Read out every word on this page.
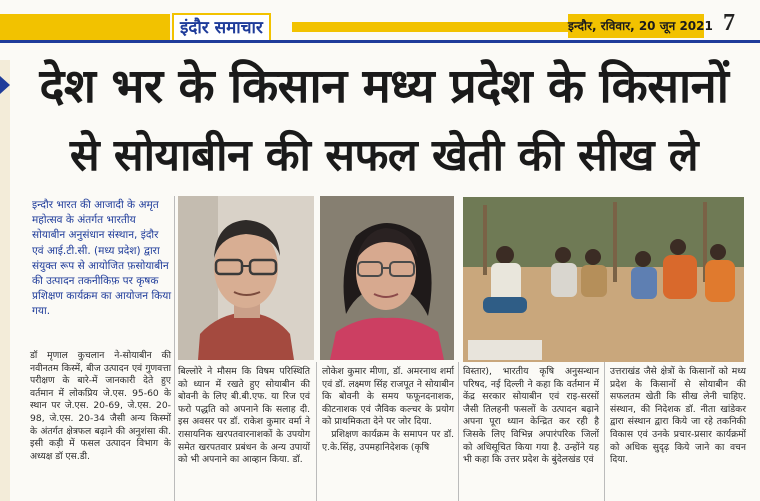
इंदौर समाचार	इन्दौर, रविवार, 20 जून 2021 7
देश भर के किसान मध्य प्रदेश के किसानों
से सोयाबीन की सफल खेती की सीख ले
इन्दौर भारत की आजादी के अमृत महोत्सव के अंतर्गत भारतीय सोयाबीन अनुसंधान संस्थान, इंदौर एवं आई.टी.सी. (मध्य प्रदेश) द्वारा संयुक्त रूप से आयोजित फ़सोयाबीन की उत्पादन तकनीकिफ़ पर कृषक प्रशिक्षण कार्यक्रम का आयोजन किया गया.
डॉ मृणाल कुचलान ने-सोयाबीन की नवीनतम किस्में, बीज उत्पादन एवं गुणवत्ता परीक्षण के बारे-में जानकारी देते हुए वर्तमान में लोकप्रिय जे.एस. 95-60 के स्थान पर जे.एस. 20-69, जे.एस. 20-98, जे.एस. 20-34 जैसी अन्य किस्मों के अंतर्गत क्षेत्रफल बढ़ाने की अनुशंसा की. इसी कड़ी में फसल उत्पादन विभाग के अध्यक्ष डॉ एस.डी.
बिल्लोरे ने मौसम कि विषम परिस्थिति को ध्यान में रखते हुए सोयाबीन की बोवनी के लिए बी.बी.एफ. या रिज एवं फरो पद्धति को अपनाने कि सलाह दी. इस अवसर पर डॉ. राकेश कुमार वर्मा ने रासायनिक खरपतवारनाशकों के उपयोग समेत खरपतवार प्रबंधन के अन्य उपायों को भी अपनाने का आव्हान किया. डॉ.
लोकेश कुमार मीणा, डॉ. अमरनाथ शर्मा एवं डॉ. लक्ष्मण सिंह राजपूत ने सोयाबीन कि बोवनी के समय फफूनदनाशक, कीटनाशक एवं जैविक कल्चर के प्रयोग को प्राथमिकता देने पर जोर दिया.
 प्रशिक्षण कार्यक्रम के समापन पर डॉ. ए.के.सिंह, उपमहानिदेशक (कृषि
विस्तार), भारतीय कृषि अनुसन्धान परिषद, नई दिल्ली ने कहा कि वर्तमान में केंद्र सरकार सोयाबीन एवं राइ-सरसों जैसी तिलहनी फसलों के उत्पादन बढ़ाने अपना पूरा ध्यान केन्द्रित कर रही है जिसके लिए विभिन्न अपारंपरिक जिलों को अधिसूचित किया गया है. उन्होंने यह भी कहा कि उत्तर प्रदेश के बुंदेलखंड एवं
उत्तराखंड जैसे क्षेत्रों के किसानों को मध्य प्रदेश के किसानों से सोयाबीन की सफलतम खेती कि सीख लेनी चाहिए. संस्थान, की निदेशक डॉ. नीता खांडेकर द्वारा संस्थान द्वारा किये जा रहे तकनिकी विकास एवं उनके प्रचार-प्रसार कार्यक्रमों को अधिक सुदृढ़ किये जाने का वचन दिया.
